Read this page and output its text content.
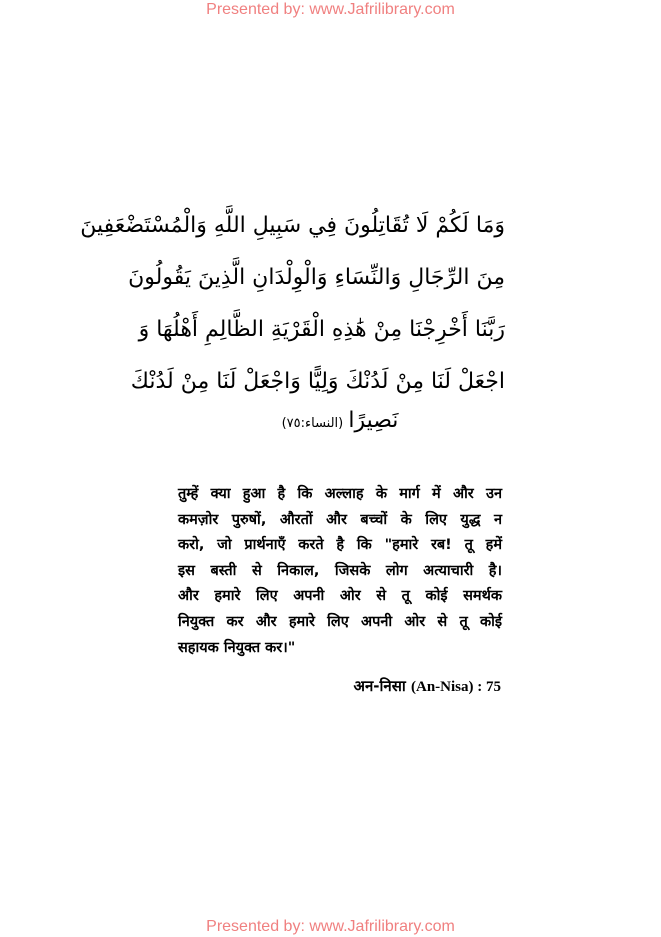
Presented by: www.Jafrilibrary.com
وَمَا لَكُمْ لَا تُقَاتِلُونَ فِي سَبِيلِ اللَّهِ وَالْمُسْتَضْعَفِينَ
مِنَ الرِّجَالِ وَالنِّسَاءِ وَالْوِلْدَانِ الَّذِينَ يَقُولُونَ
رَبَّنَا أَخْرِجْنَا مِنْ هَٰذِهِ الْقَرْيَةِ الظَّالِمِ أَهْلُهَا وَ
اجْعَلْ لَنَا مِنْ لَدُنْكَ وَلِيًّا وَاجْعَلْ لَنَا مِنْ لَدُنْكَ
نَصِيرًا (النساء:٧٥)
तुम्हें क्या हुआ है कि अल्लाह के मार्ग में और उन
कमज़ोर पुरुषों, औरतों और बच्चों के लिए युद्ध न
करो, जो प्रार्थनाएँ करते है कि "हमारे रब! तू हमें
इस बस्ती से निकाल, जिसके लोग अत्याचारी है।
और हमारे लिए अपनी ओर से तू कोई समर्थक
नियुक्त कर और हमारे लिए अपनी ओर से तू कोई
सहायक नियुक्त कर।"
अन-निसा (An-Nisa) : 75
Presented by: www.Jafrilibrary.com
